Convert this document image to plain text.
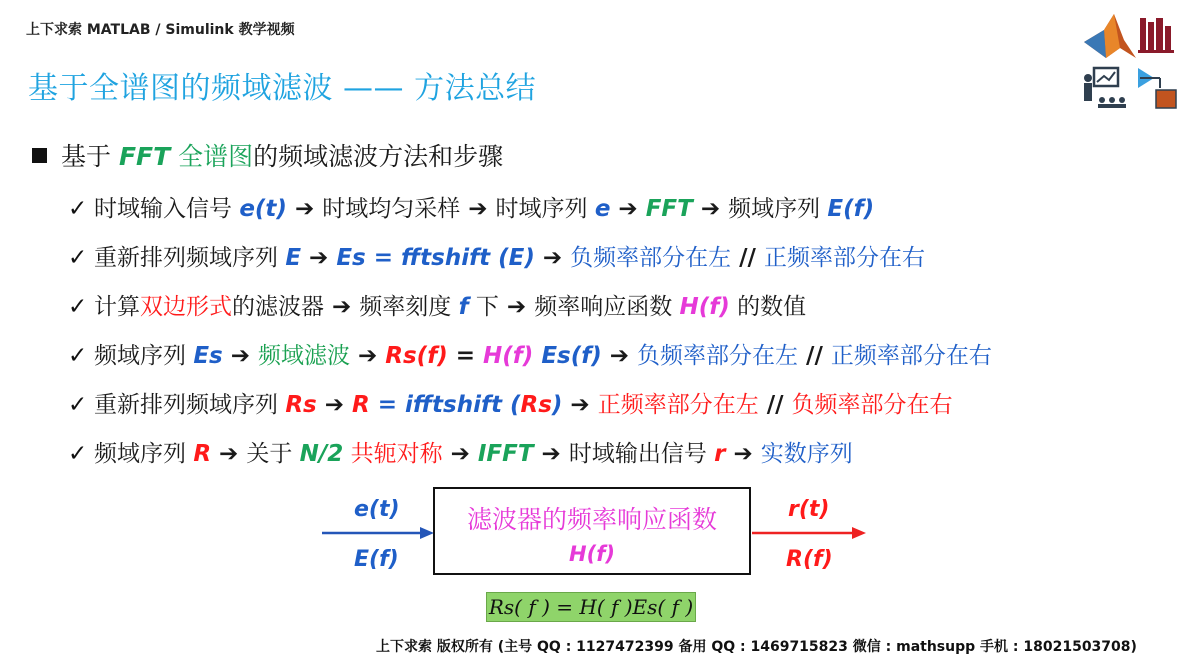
上下求索 MATLAB / Simulink 教学视频
基于全谱图的频域滤波 —— 方法总结
基于 FFT 全谱图的频域滤波方法和步骤
✓ 时域输入信号 e(t) ➔ 时域均匀采样 ➔ 时域序列 e ➔ FFT ➔ 频域序列 E(f)
✓ 重新排列频域序列 E ➔ Es = fftshift (E) ➔ 负频率部分在左 // 正频率部分在右
✓ 计算双边形式的滤波器 ➔ 频率刻度 f 下 ➔ 频率响应函数 H(f) 的数值
✓ 频域序列 Es ➔ 频域滤波 ➔ Rs(f) = H(f) Es(f) ➔ 负频率部分在左 // 正频率部分在右
✓ 重新排列频域序列 Rs ➔ R = ifftshift (Rs) ➔ 正频率部分在左 // 负频率部分在右
✓ 频域序列 R ➔ 关于 N/2 共轭对称 ➔ IFFT ➔ 时域输出信号 r ➔ 实数序列
e(t)
E(f)
滤波器的频率响应函数
H(f)
r(t)
R(f)
Rs( f ) = H( f )Es( f )
上下求索 版权所有 (主号 QQ : 1127472399 备用 QQ : 1469715823 微信 : mathsupp 手机 : 18021503708)
